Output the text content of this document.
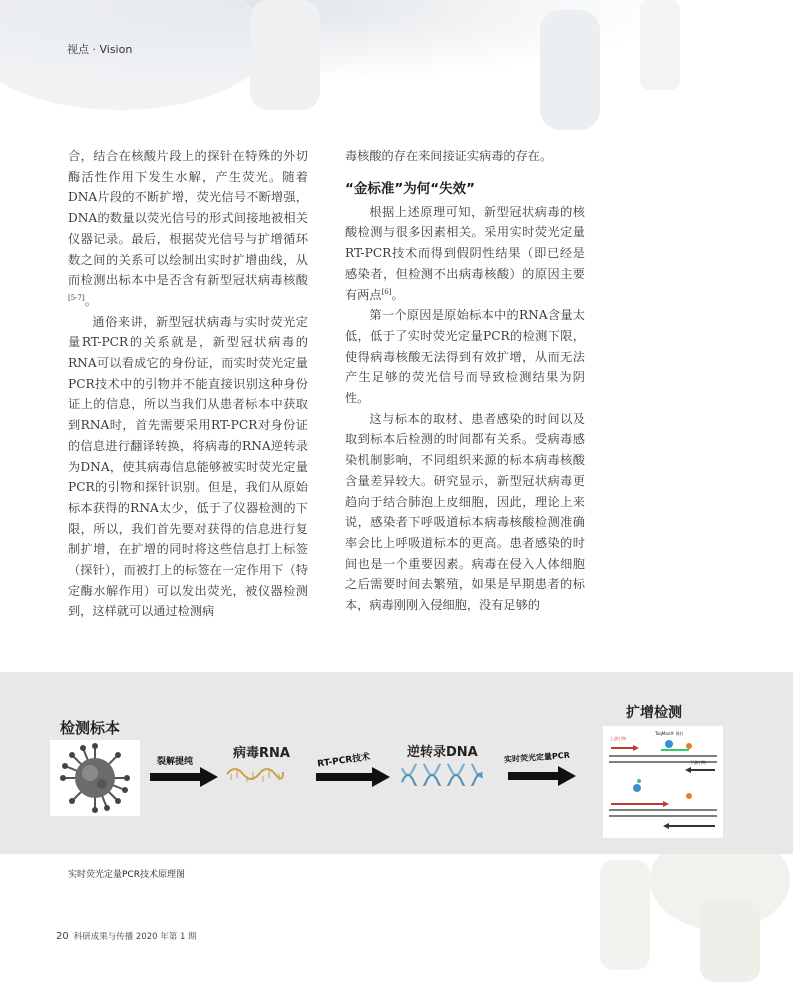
视点 · Vision

合，结合在核酸片段上的探针在特殊的外切酶活性作用下发生水解，产生荧光。随着DNA片段的不断扩增，荧光信号不断增强，DNA的数量以荧光信号的形式间接地被相关仪器记录。最后，根据荧光信号与扩增循环数之间的关系可以绘制出实时扩增曲线，从而检测出标本中是否含有新型冠状病毒核酸[5-7]。

通俗来讲，新型冠状病毒与实时荧光定量RT-PCR的关系就是，新型冠状病毒的RNA可以看成它的身份证，而实时荧光定量PCR技术中的引物并不能直接识别这种身份证上的信息，所以当我们从患者标本中获取到RNA时，首先需要采用RT-PCR对身份证的信息进行翻译转换，将病毒的RNA逆转录为DNA，使其病毒信息能够被实时荧光定量PCR的引物和探针识别。但是，我们从原始标本获得的RNA太少，低于了仪器检测的下限，所以，我们首先要对获得的信息进行复制扩增，在扩增的同时将这些信息打上标签（探针），而被打上的标签在一定作用下（特定酶水解作用）可以发出荧光，被仪器检测到，这样就可以通过检测病

毒核酸的存在来间接证实病毒的存在。

“金标准”为何“失效”

根据上述原理可知，新型冠状病毒的核酸检测与很多因素相关。采用实时荧光定量RT-PCR技术而得到假阴性结果（即已经是感染者，但检测不出病毒核酸）的原因主要有两点[6]。

第一个原因是原始标本中的RNA含量太低，低于了实时荧光定量PCR的检测下限，使得病毒核酸无法得到有效扩增，从而无法产生足够的荧光信号而导致检测结果为阴性。

这与标本的取材、患者感染的时间以及取到标本后检测的时间都有关系。受病毒感染机制影响，不同组织来源的标本病毒核酸含量差异较大。研究显示，新型冠状病毒更趋向于结合肺泡上皮细胞，因此，理论上来说，感染者下呼吸道标本病毒核酸检测准确率会比上呼吸道标本的更高。患者感染的时间也是一个重要因素。病毒在侵入人体细胞之后需要时间去繁殖，如果是早期患者的标本，病毒刚刚入侵细胞，没有足够的

检测标本
裂解提纯
病毒RNA	RT-PCR技术	逆转录DNA	实时荧光定量PCR
扩增检测
上游引物
TaqMan® 探针
下游引物
实时荧光定量PCR技术原理图
20 科研成果与传播 2020 年第 1 期
